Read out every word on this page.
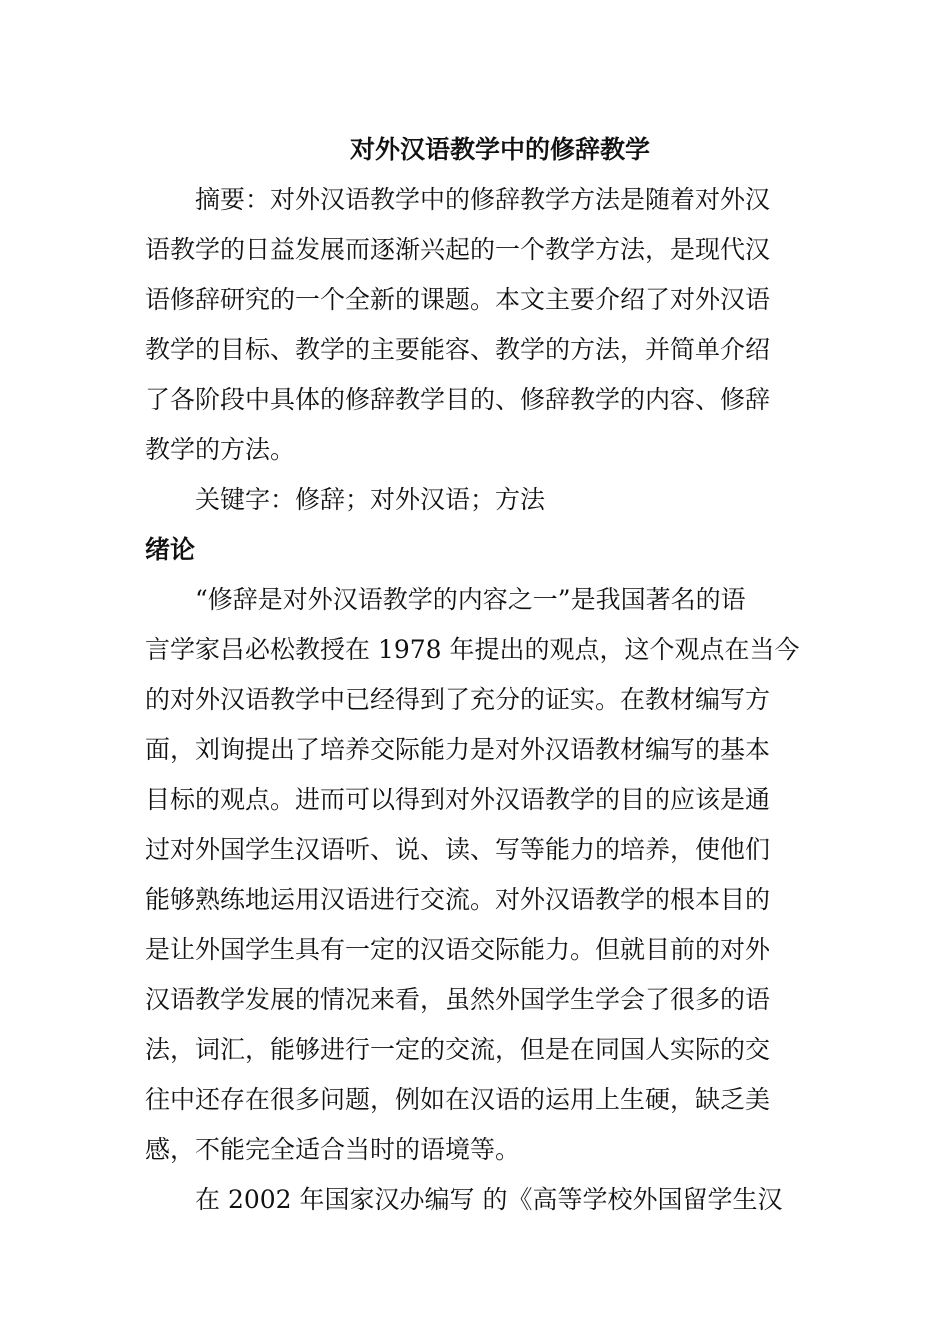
对外汉语教学中的修辞教学
摘要：对外汉语教学中的修辞教学方法是随着对外汉
语教学的日益发展而逐渐兴起的一个教学方法，是现代汉
语修辞研究的一个全新的课题。本文主要介绍了对外汉语
教学的目标、教学的主要能容、教学的方法，并简单介绍
了各阶段中具体的修辞教学目的、修辞教学的内容、修辞
教学的方法。
关键字：修辞；对外汉语；方法
绪论
“修辞是对外汉语教学的内容之一”是我国著名的语
言学家吕必松教授在 1978 年提出的观点，这个观点在当今
的对外汉语教学中已经得到了充分的证实。在教材编写方
面，刘询提出了培养交际能力是对外汉语教材编写的基本
目标的观点。进而可以得到对外汉语教学的目的应该是通
过对外国学生汉语听、说、读、写等能力的培养，使他们
能够熟练地运用汉语进行交流。对外汉语教学的根本目的
是让外国学生具有一定的汉语交际能力。但就目前的对外
汉语教学发展的情况来看，虽然外国学生学会了很多的语
法，词汇，能够进行一定的交流，但是在同国人实际的交
往中还存在很多问题，例如在汉语的运用上生硬，缺乏美
感，不能完全适合当时的语境等。
在 2002 年国家汉办编写 的《高等学校外国留学生汉
